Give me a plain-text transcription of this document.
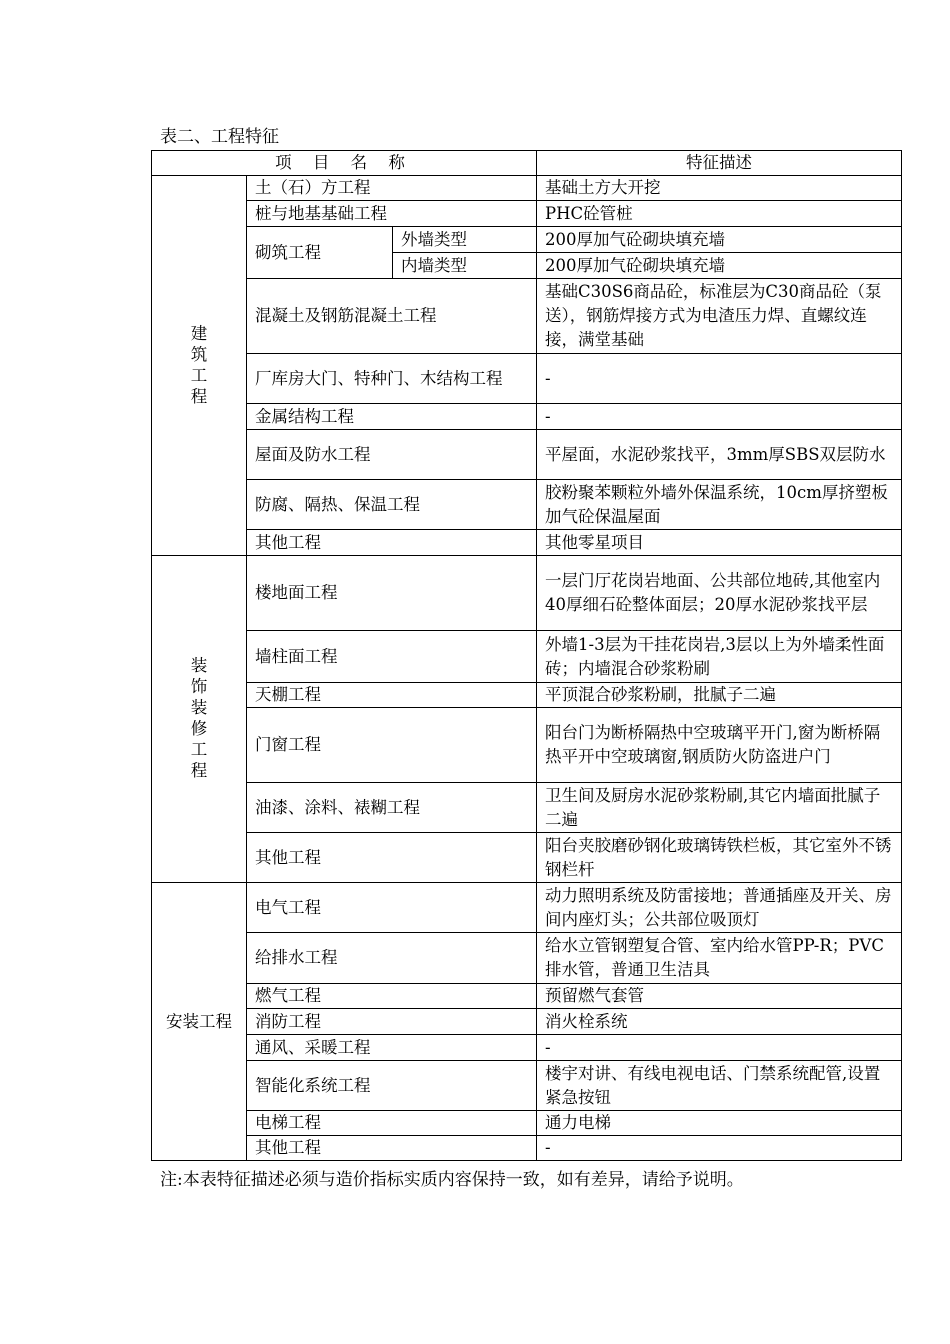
表二、工程特征
项 目 名 称			特征描述
建筑工程	土（石）方工程		基础土方大开挖
	桩与地基基础工程		PHC砼管桩
	砌筑工程	外墙类型	200厚加气砼砌块填充墙
		内墙类型	200厚加气砼砌块填充墙
	混凝土及钢筋混凝土工程		基础C30S6商品砼，标准层为C30商品砼（泵送），钢筋焊接方式为电渣压力焊、直螺纹连接，满堂基础
	厂库房大门、特种门、木结构工程		-
	金属结构工程		-
	屋面及防水工程		平屋面，水泥砂浆找平，3mm厚SBS双层防水
	防腐、隔热、保温工程		胶粉聚苯颗粒外墙外保温系统，10cm厚挤塑板加气砼保温屋面
	其他工程		其他零星项目
装饰装修工程	楼地面工程		一层门厅花岗岩地面、公共部位地砖,其他室内40厚细石砼整体面层；20厚水泥砂浆找平层
	墙柱面工程		外墙1-3层为干挂花岗岩,3层以上为外墙柔性面砖；内墙混合砂浆粉刷
	天棚工程		平顶混合砂浆粉刷，批腻子二遍
	门窗工程		阳台门为断桥隔热中空玻璃平开门,窗为断桥隔热平开中空玻璃窗,钢质防火防盗进户门
	油漆、涂料、裱糊工程		卫生间及厨房水泥砂浆粉刷,其它内墙面批腻子二遍
	其他工程		阳台夹胶磨砂钢化玻璃铸铁栏板，其它室外不锈钢栏杆
安装工程	电气工程		动力照明系统及防雷接地；普通插座及开关、房间内座灯头；公共部位吸顶灯
	给排水工程		给水立管钢塑复合管、室内给水管PP-R；PVC排水管，普通卫生洁具
	燃气工程		预留燃气套管
	消防工程		消火栓系统
	通风、采暖工程		-
	智能化系统工程		楼宇对讲、有线电视电话、门禁系统配管,设置紧急按钮
	电梯工程		通力电梯
	其他工程		-
注:本表特征描述必须与造价指标实质内容保持一致，如有差异，请给予说明。
